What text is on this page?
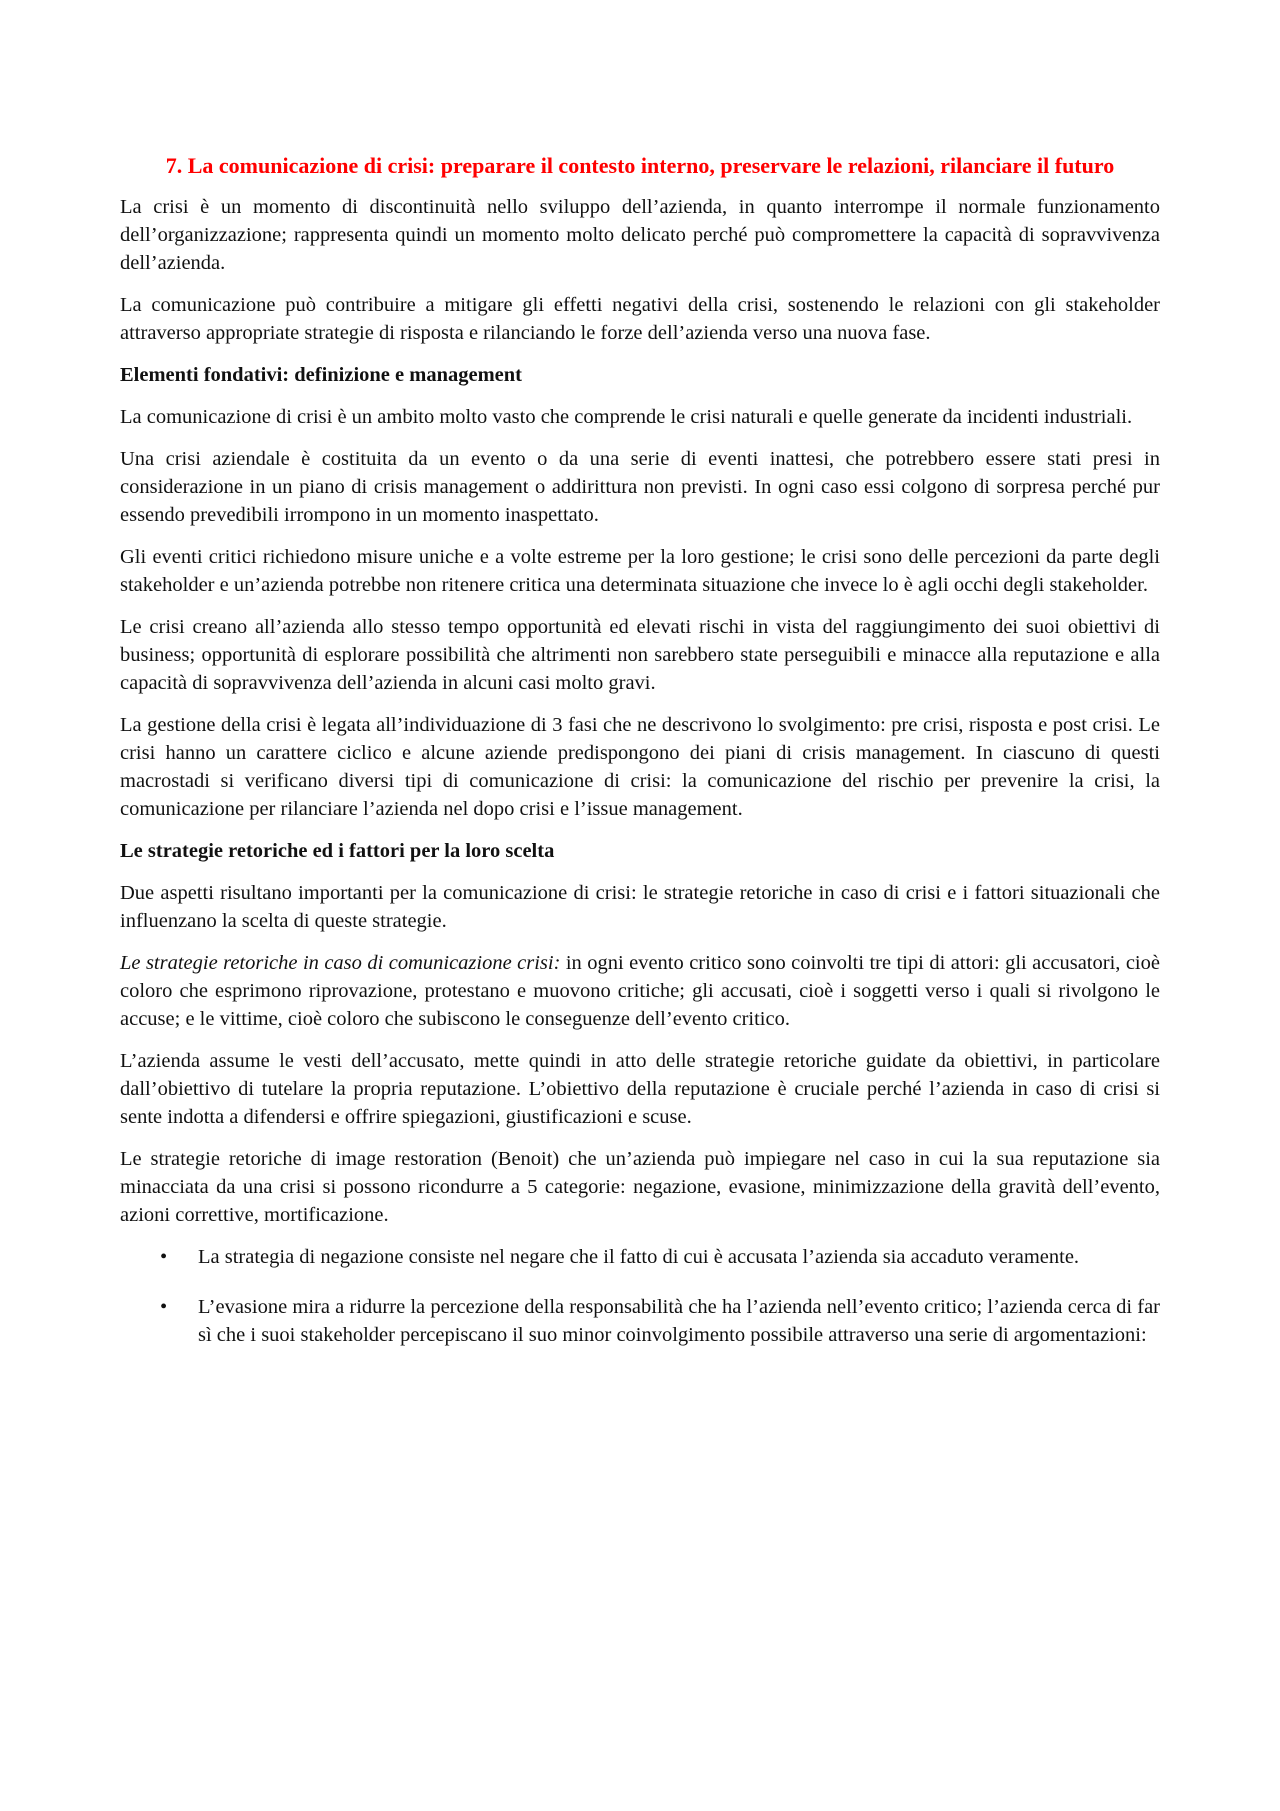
7. La comunicazione di crisi: preparare il contesto interno, preservare le relazioni, rilanciare il futuro

La crisi è un momento di discontinuità nello sviluppo dell’azienda, in quanto interrompe il normale funzionamento dell’organizzazione; rappresenta quindi un momento molto delicato perché può compromettere la capacità di sopravvivenza dell’azienda.

La comunicazione può contribuire a mitigare gli effetti negativi della crisi, sostenendo le relazioni con gli stakeholder attraverso appropriate strategie di risposta e rilanciando le forze dell’azienda verso una nuova fase.

Elementi fondativi: definizione e management

La comunicazione di crisi è un ambito molto vasto che comprende le crisi naturali e quelle generate da incidenti industriali.

Una crisi aziendale è costituita da un evento o da una serie di eventi inattesi, che potrebbero essere stati presi in considerazione in un piano di crisis management o addirittura non previsti. In ogni caso essi colgono di sorpresa perché pur essendo prevedibili irrompono in un momento inaspettato.

Gli eventi critici richiedono misure uniche e a volte estreme per la loro gestione; le crisi sono delle percezioni da parte degli stakeholder e un’azienda potrebbe non ritenere critica una determinata situazione che invece lo è agli occhi degli stakeholder.

Le crisi creano all’azienda allo stesso tempo opportunità ed elevati rischi in vista del raggiungimento dei suoi obiettivi di business; opportunità di esplorare possibilità che altrimenti non sarebbero state perseguibili e minacce alla reputazione e alla capacità di sopravvivenza dell’azienda in alcuni casi molto gravi.

La gestione della crisi è legata all’individuazione di 3 fasi che ne descrivono lo svolgimento: pre crisi, risposta e post crisi. Le crisi hanno un carattere ciclico e alcune aziende predispongono dei piani di crisis management. In ciascuno di questi macrostadi si verificano diversi tipi di comunicazione di crisi: la comunicazione del rischio per prevenire la crisi, la comunicazione per rilanciare l’azienda nel dopo crisi e l’issue management.

Le strategie retoriche ed i fattori per la loro scelta

Due aspetti risultano importanti per la comunicazione di crisi: le strategie retoriche in caso di crisi e i fattori situazionali che influenzano la scelta di queste strategie.

Le strategie retoriche in caso di comunicazione crisi: in ogni evento critico sono coinvolti tre tipi di attori: gli accusatori, cioè coloro che esprimono riprovazione, protestano e muovono critiche; gli accusati, cioè i soggetti verso i quali si rivolgono le accuse; e le vittime, cioè coloro che subiscono le conseguenze dell’evento critico.

L’azienda assume le vesti dell’accusato, mette quindi in atto delle strategie retoriche guidate da obiettivi, in particolare dall’obiettivo di tutelare la propria reputazione. L’obiettivo della reputazione è cruciale perché l’azienda in caso di crisi si sente indotta a difendersi e offrire spiegazioni, giustificazioni e scuse.

Le strategie retoriche di image restoration (Benoit) che un’azienda può impiegare nel caso in cui la sua reputazione sia minacciata da una crisi si possono ricondurre a 5 categorie: negazione, evasione, minimizzazione della gravità dell’evento, azioni correttive, mortificazione.

• La strategia di negazione consiste nel negare che il fatto di cui è accusata l’azienda sia accaduto veramente.
• L’evasione mira a ridurre la percezione della responsabilità che ha l’azienda nell’evento critico; l’azienda cerca di far sì che i suoi stakeholder percepiscano il suo minor coinvolgimento possibile attraverso una serie di argomentazioni:
